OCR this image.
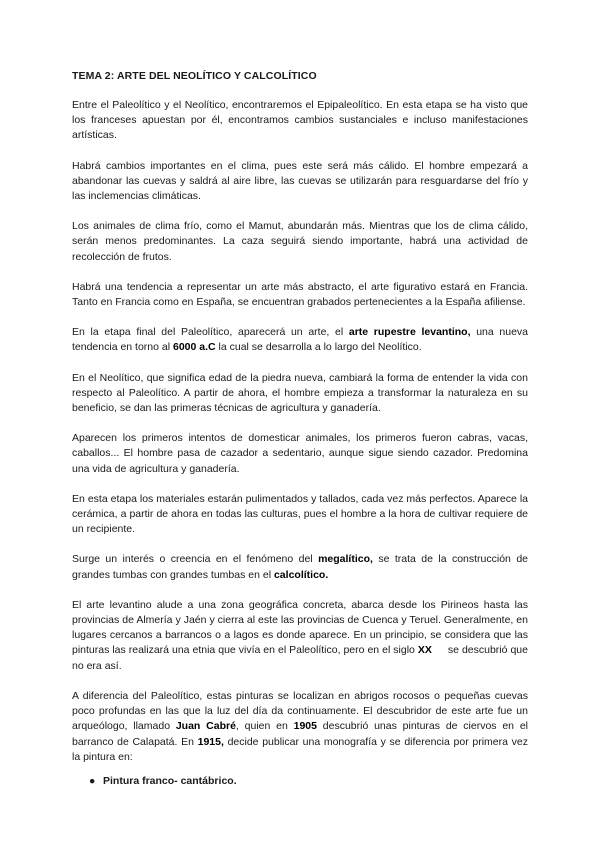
TEMA 2: ARTE DEL NEOLÍTICO Y CALCOLÍTICO

Entre el Paleolítico y el Neolítico, encontraremos el Epipaleolítico. En esta etapa se ha visto que los franceses apuestan por él, encontramos cambios sustanciales e incluso manifestaciones artísticas.

Habrá cambios importantes en el clima, pues este será más cálido. El hombre empezará a abandonar las cuevas y saldrá al aire libre, las cuevas se utilizarán para resguardarse del frío y las inclemencias climáticas.

Los animales de clima frío, como el Mamut, abundarán más. Mientras que los de clima cálido, serán menos predominantes. La caza seguirá siendo importante, habrá una actividad de recolección de frutos.

Habrá una tendencia a representar un arte más abstracto, el arte figurativo estará en Francia. Tanto en Francia como en España, se encuentran grabados pertenecientes a la España afiliense.

En la etapa final del Paleolítico, aparecerá un arte, el arte rupestre levantino, una nueva tendencia en torno al 6000 a.C la cual se desarrolla a lo largo del Neolítico.

En el Neolítico, que significa edad de la piedra nueva, cambiará la forma de entender la vida con respecto al Paleolítico. A partir de ahora, el hombre empieza a transformar la naturaleza en su beneficio, se dan las primeras técnicas de agricultura y ganadería.

Aparecen los primeros intentos de domesticar animales, los primeros fueron cabras, vacas, caballos... El hombre pasa de cazador a sedentario, aunque sigue siendo cazador. Predomina una vida de agricultura y ganadería.

En esta etapa los materiales estarán pulimentados y tallados, cada vez más perfectos. Aparece la cerámica, a partir de ahora en todas las culturas, pues el hombre a la hora de cultivar requiere de un recipiente.

Surge un interés o creencia en el fenómeno del megalítico, se trata de la construcción de grandes tumbas con grandes tumbas en el calcolítico.

El arte levantino alude a una zona geográfica concreta, abarca desde los Pirineos hasta las provincias de Almería y Jaén y cierra al este las provincias de Cuenca y Teruel. Generalmente, en lugares cercanos a barrancos o a lagos es donde aparece. En un principio, se considera que las pinturas las realizará una etnia que vivía en el Paleolítico, pero en el siglo XX se descubrió que no era así.

A diferencia del Paleolítico, estas pinturas se localizan en abrigos rocosos o pequeñas cuevas poco profundas en las que la luz del día da continuamente. El descubridor de este arte fue un arqueólogo, llamado Juan Cabré, quien en 1905 descubrió unas pinturas de ciervos en el barranco de Calapatá. En 1915, decide publicar una monografía y se diferencia por primera vez la pintura en:

● Pintura franco- cantábrico.
